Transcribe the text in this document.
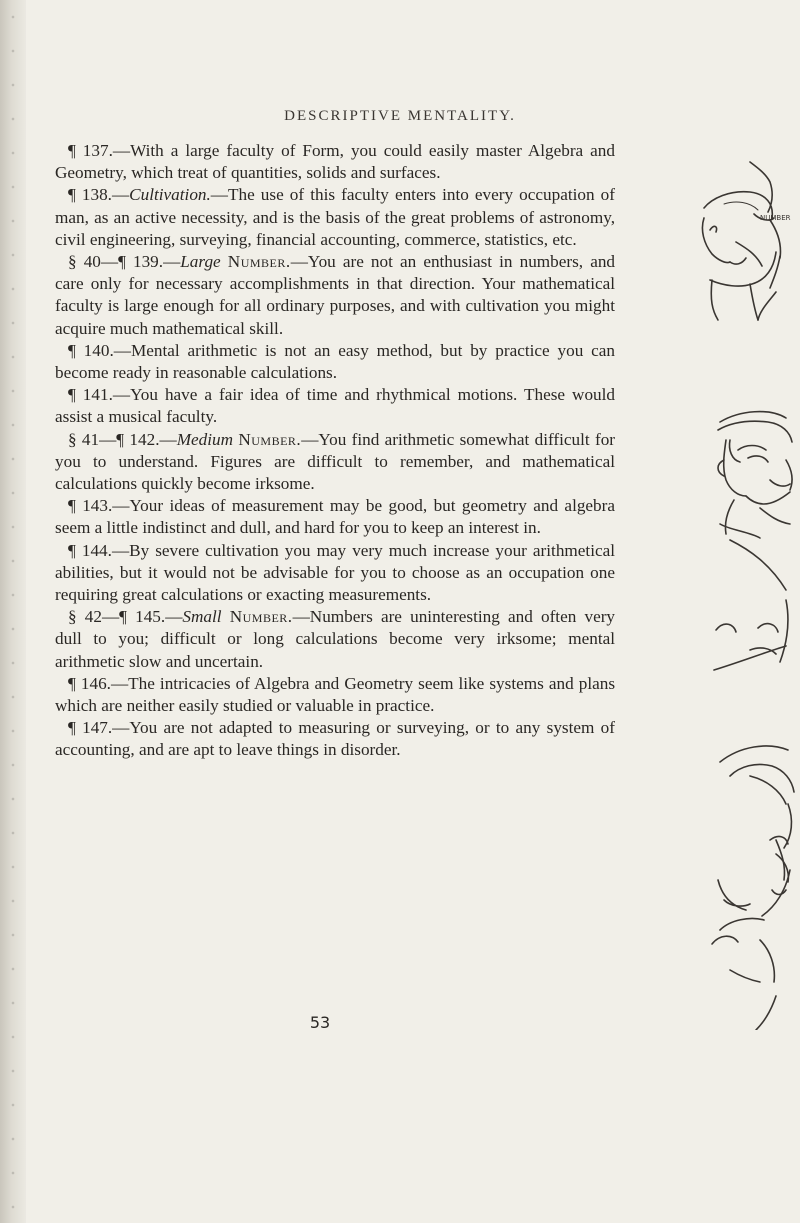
DESCRIPTIVE MENTALITY.

¶ 137.—With a large faculty of Form, you could easily master Algebra and Geometry, which treat of quantities, solids and surfaces.

¶ 138.—Cultivation.—The use of this faculty enters into every occupation of man, as an active necessity, and is the basis of the great problems of astronomy, civil engineering, surveying, financial accounting, commerce, statistics, etc.

§ 40—¶ 139.—Large Number.—You are not an enthusiast in numbers, and care only for necessary accomplishments in that direction. Your mathematical faculty is large enough for all ordinary purposes, and with cultivation you might acquire much mathematical skill.

¶ 140.—Mental arithmetic is not an easy method, but by practice you can become ready in reasonable calculations.

¶ 141.—You have a fair idea of time and rhythmical motions. These would assist a musical faculty.

§ 41—¶ 142.—Medium Number.—You find arithmetic somewhat difficult for you to understand. Figures are difficult to remember, and mathematical calculations quickly become irksome.

¶ 143.—Your ideas of measurement may be good, but geometry and algebra seem a little indistinct and dull, and hard for you to keep an interest in.

¶ 144.—By severe cultivation you may very much increase your arithmetical abilities, but it would not be advisable for you to choose as an occupation one requiring great calculations or exacting measurements.

§ 42—¶ 145.—Small Number.—Numbers are uninteresting and often very dull to you; difficult or long calculations become very irksome; mental arithmetic slow and uncertain.

¶ 146.—The intricacies of Algebra and Geometry seem like systems and plans which are neither easily studied or valuable in practice.

¶ 147.—You are not adapted to measuring or surveying, or to any system of accounting, and are apt to leave things in disorder.

NUMBER
53
